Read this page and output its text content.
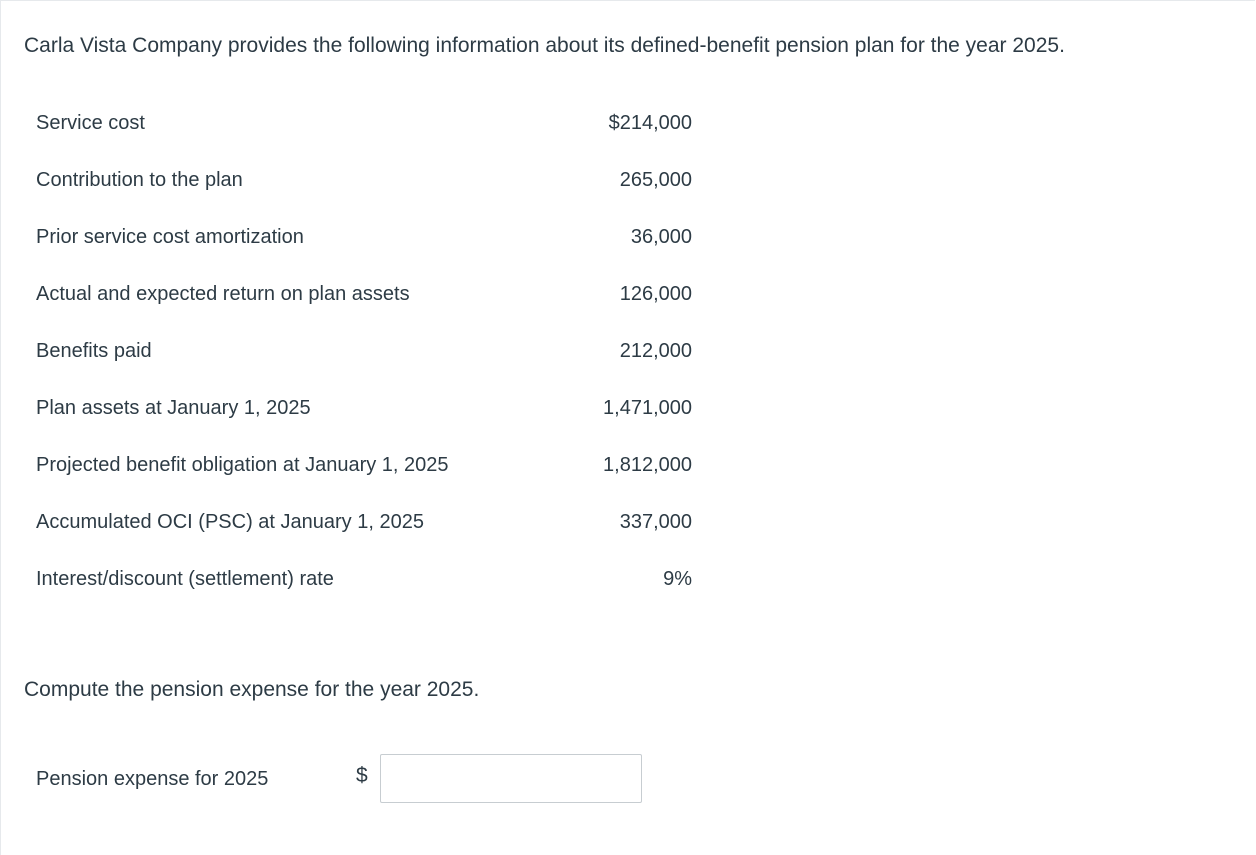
Carla Vista Company provides the following information about its defined-benefit pension plan for the year 2025.
Service cost	$214,000
Contribution to the plan	265,000
Prior service cost amortization	36,000
Actual and expected return on plan assets	126,000
Benefits paid	212,000
Plan assets at January 1, 2025	1,471,000
Projected benefit obligation at January 1, 2025	1,812,000
Accumulated OCI (PSC) at January 1, 2025	337,000
Interest/discount (settlement) rate	9%
Compute the pension expense for the year 2025.
Pension expense for 2025	$
